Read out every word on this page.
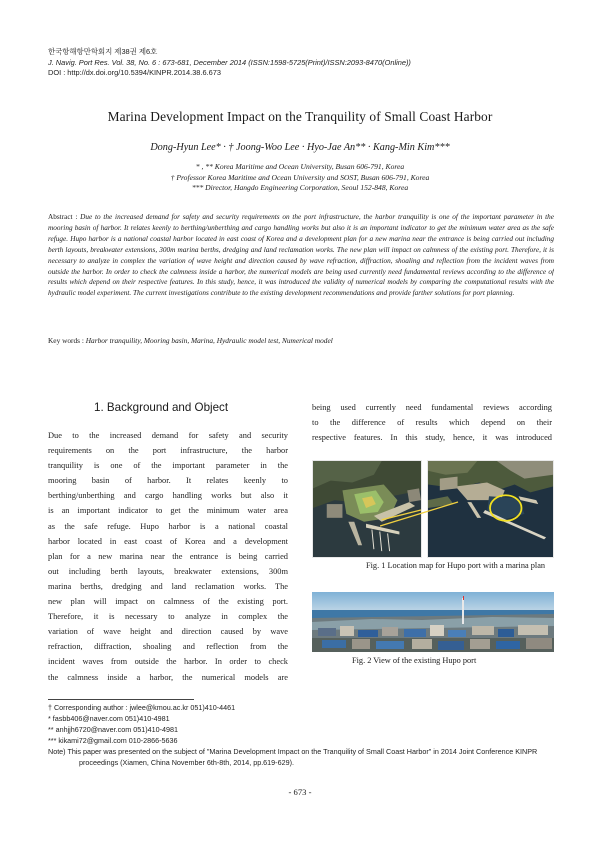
한국항해항만학회지 제38권 제6호
J. Navig. Port Res. Vol. 38, No. 6 : 673-681, December 2014 (ISSN:1598-5725(Print)/ISSN:2093-8470(Online))
DOI : http://dx.doi.org/10.5394/KINPR.2014.38.6.673
Marina Development Impact on the Tranquility of Small Coast Harbor
Dong-Hyun Lee* · † Joong-Woo Lee · Hyo-Jae An** · Kang-Min Kim***
* , ** Korea Maritime and Ocean University, Busan 606-791, Korea
† Professor Korea Maritime and Ocean University and SOST, Busan 606-791, Korea
*** Director, Hangdo Engineering Corporation, Seoul 152-848, Korea
Abstract : Due to the increased demand for safety and security requirements on the port infrastructure, the harbor tranquility is one of the important parameter in the mooring basin of harbor. It relates keenly to berthing/unberthing and cargo handling works but also it is an important indicator to get the minimum water area as the safe refuge. Hupo harbor is a national coastal harbor located in east coast of Korea and a development plan for a new marina near the entrance is being carried out including berth layouts, breakwater extensions, 300m marina berths, dredging and land reclamation works. The new plan will impact on calmness of the existing port. Therefore, it is necessary to analyze in complex the variation of wave height and direction caused by wave refraction, diffraction, shoaling and reflection from the incident waves from outside the harbor. In order to check the calmness inside a harbor, the numerical models are being used currently need fundamental reviews according to the difference of results which depend on their respective features. In this study, hence, it was introduced the validity of numerical models by comparing the computational results with the hydraulic model experiment. The current investigations contribute to the existing development recommendations and provide farther solutions for port planning.
Key words : Harbor tranquility, Mooring basin, Marina, Hydraulic model test, Numerical model
1. Background and Object
Due to the increased demand for safety and security
requirements on the port infrastructure, the harbor
tranquility is one of the important parameter in the
mooring basin of harbor. It relates keenly to
berthing/unberthing and cargo handling works but also it
is an important indicator to get the minimum water area
as the safe refuge. Hupo harbor is a national coastal
harbor located in east coast of Korea and a development
plan for a new marina near the entrance is being carried
out including berth layouts, breakwater extensions, 300m
marina berths, dredging and land reclamation works. The
new plan will impact on calmness of the existing port.
Therefore, it is necessary to analyze in complex the
variation of wave height and direction caused by wave
refraction, diffraction, shoaling and reflection from the
incident waves from outside the harbor. In order to check
the calmness inside a harbor, the numerical models are
being used currently need fundamental reviews according
to the difference of results which depend on their
respective features. In this study, hence, it was introduced
Fig. 1 Location map for Hupo port with a marina plan
Fig. 2 View of the existing Hupo port
† Corresponding author : jwlee@kmou.ac.kr 051)410-4461
* fasbb406@naver.com 051)410-4981
** anhjjh6720@naver.com 051)410-4981
*** kikami72@gmail.com 010-2866-5636
Note) This paper was presented on the subject of "Marina Development Impact on the Tranquility of Small Coast Harbor" in 2014 Joint Conference KINPR proceedings (Xiamen, China November 6th-8th, 2014, pp.619-629).
- 673 -
